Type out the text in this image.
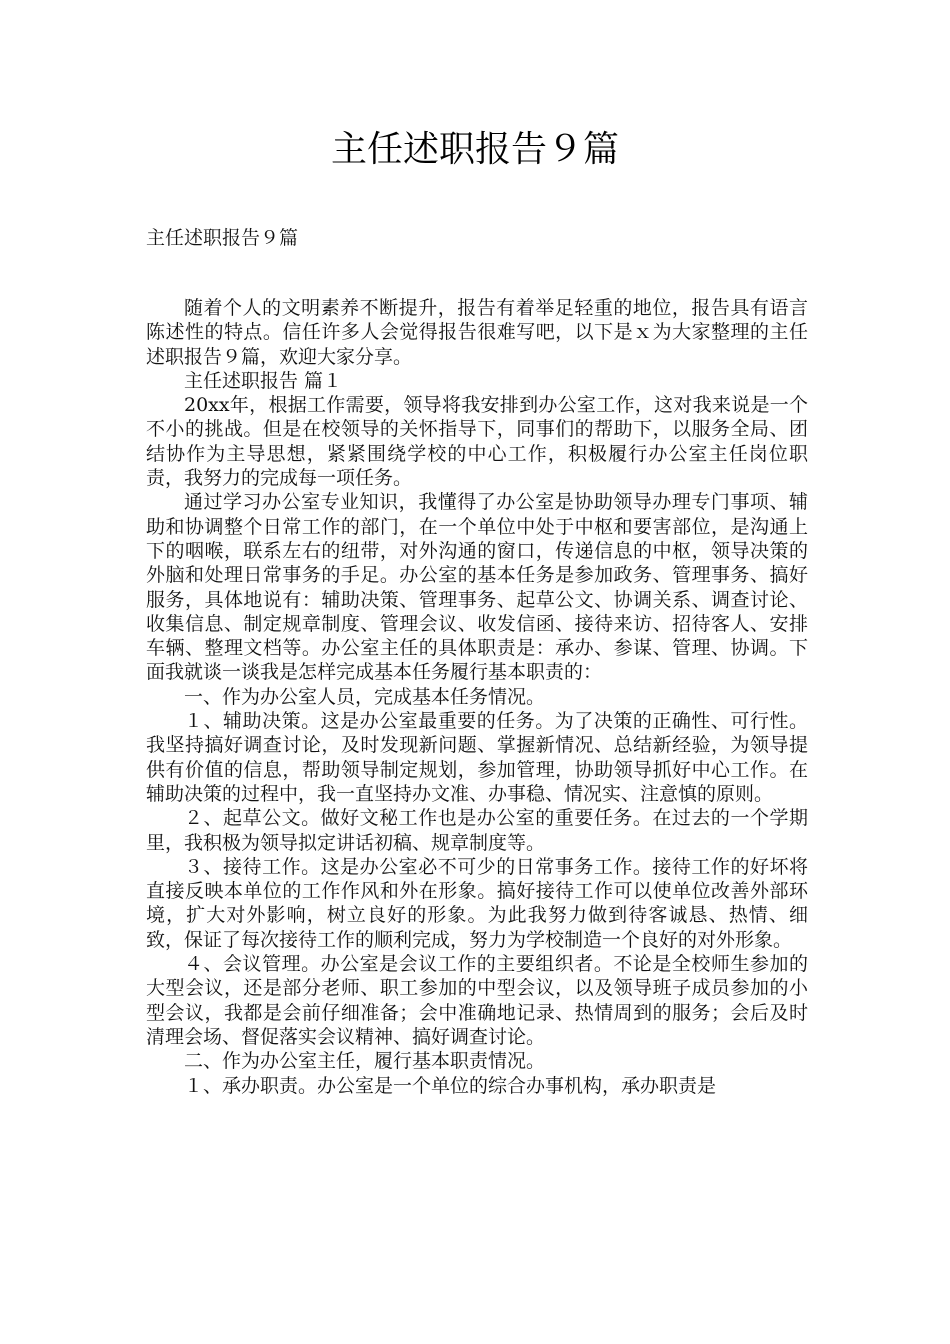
主任述职报告９篇
主任述职报告９篇

随着个人的文明素养不断提升，报告有着举足轻重的地位，报告具有语言陈述性的特点。信任许多人会觉得报告很难写吧，以下是ｘ为大家整理的主任述职报告９篇，欢迎大家分享。

主任述职报告 篇１

20xx年，根据工作需要，领导将我安排到办公室工作，这对我来说是一个不小的挑战。但是在校领导的关怀指导下，同事们的帮助下，以服务全局、团结协作为主导思想，紧紧围绕学校的中心工作，积极履行办公室主任岗位职责，我努力的完成每一项任务。

通过学习办公室专业知识，我懂得了办公室是协助领导办理专门事项、辅助和协调整个日常工作的部门，在一个单位中处于中枢和要害部位，是沟通上下的咽喉，联系左右的纽带，对外沟通的窗口，传递信息的中枢，领导决策的外脑和处理日常事务的手足。办公室的基本任务是参加政务、管理事务、搞好服务，具体地说有：辅助决策、管理事务、起草公文、协调关系、调查讨论、收集信息、制定规章制度、管理会议、收发信函、接待来访、招待客人、安排车辆、整理文档等。办公室主任的具体职责是：承办、参谋、管理、协调。下面我就谈一谈我是怎样完成基本任务履行基本职责的：

一、作为办公室人员，完成基本任务情况。

１、辅助决策。这是办公室最重要的任务。为了决策的正确性、可行性。我坚持搞好调查讨论，及时发现新问题、掌握新情况、总结新经验，为领导提供有价值的信息，帮助领导制定规划，参加管理，协助领导抓好中心工作。在辅助决策的过程中，我一直坚持办文准、办事稳、情况实、注意慎的原则。

２、起草公文。做好文秘工作也是办公室的重要任务。在过去的一个学期里，我积极为领导拟定讲话初稿、规章制度等。

３、接待工作。这是办公室必不可少的日常事务工作。接待工作的好坏将直接反映本单位的工作作风和外在形象。搞好接待工作可以使单位改善外部环境，扩大对外影响，树立良好的形象。为此我努力做到待客诚恳、热情、细致，保证了每次接待工作的顺利完成，努力为学校制造一个良好的对外形象。

４、会议管理。办公室是会议工作的主要组织者。不论是全校师生参加的大型会议，还是部分老师、职工参加的中型会议，以及领导班子成员参加的小型会议，我都是会前仔细准备；会中准确地记录、热情周到的服务；会后及时清理会场、督促落实会议精神、搞好调查讨论。

二、作为办公室主任，履行基本职责情况。

１、承办职责。办公室是一个单位的综合办事机构，承办职责是
